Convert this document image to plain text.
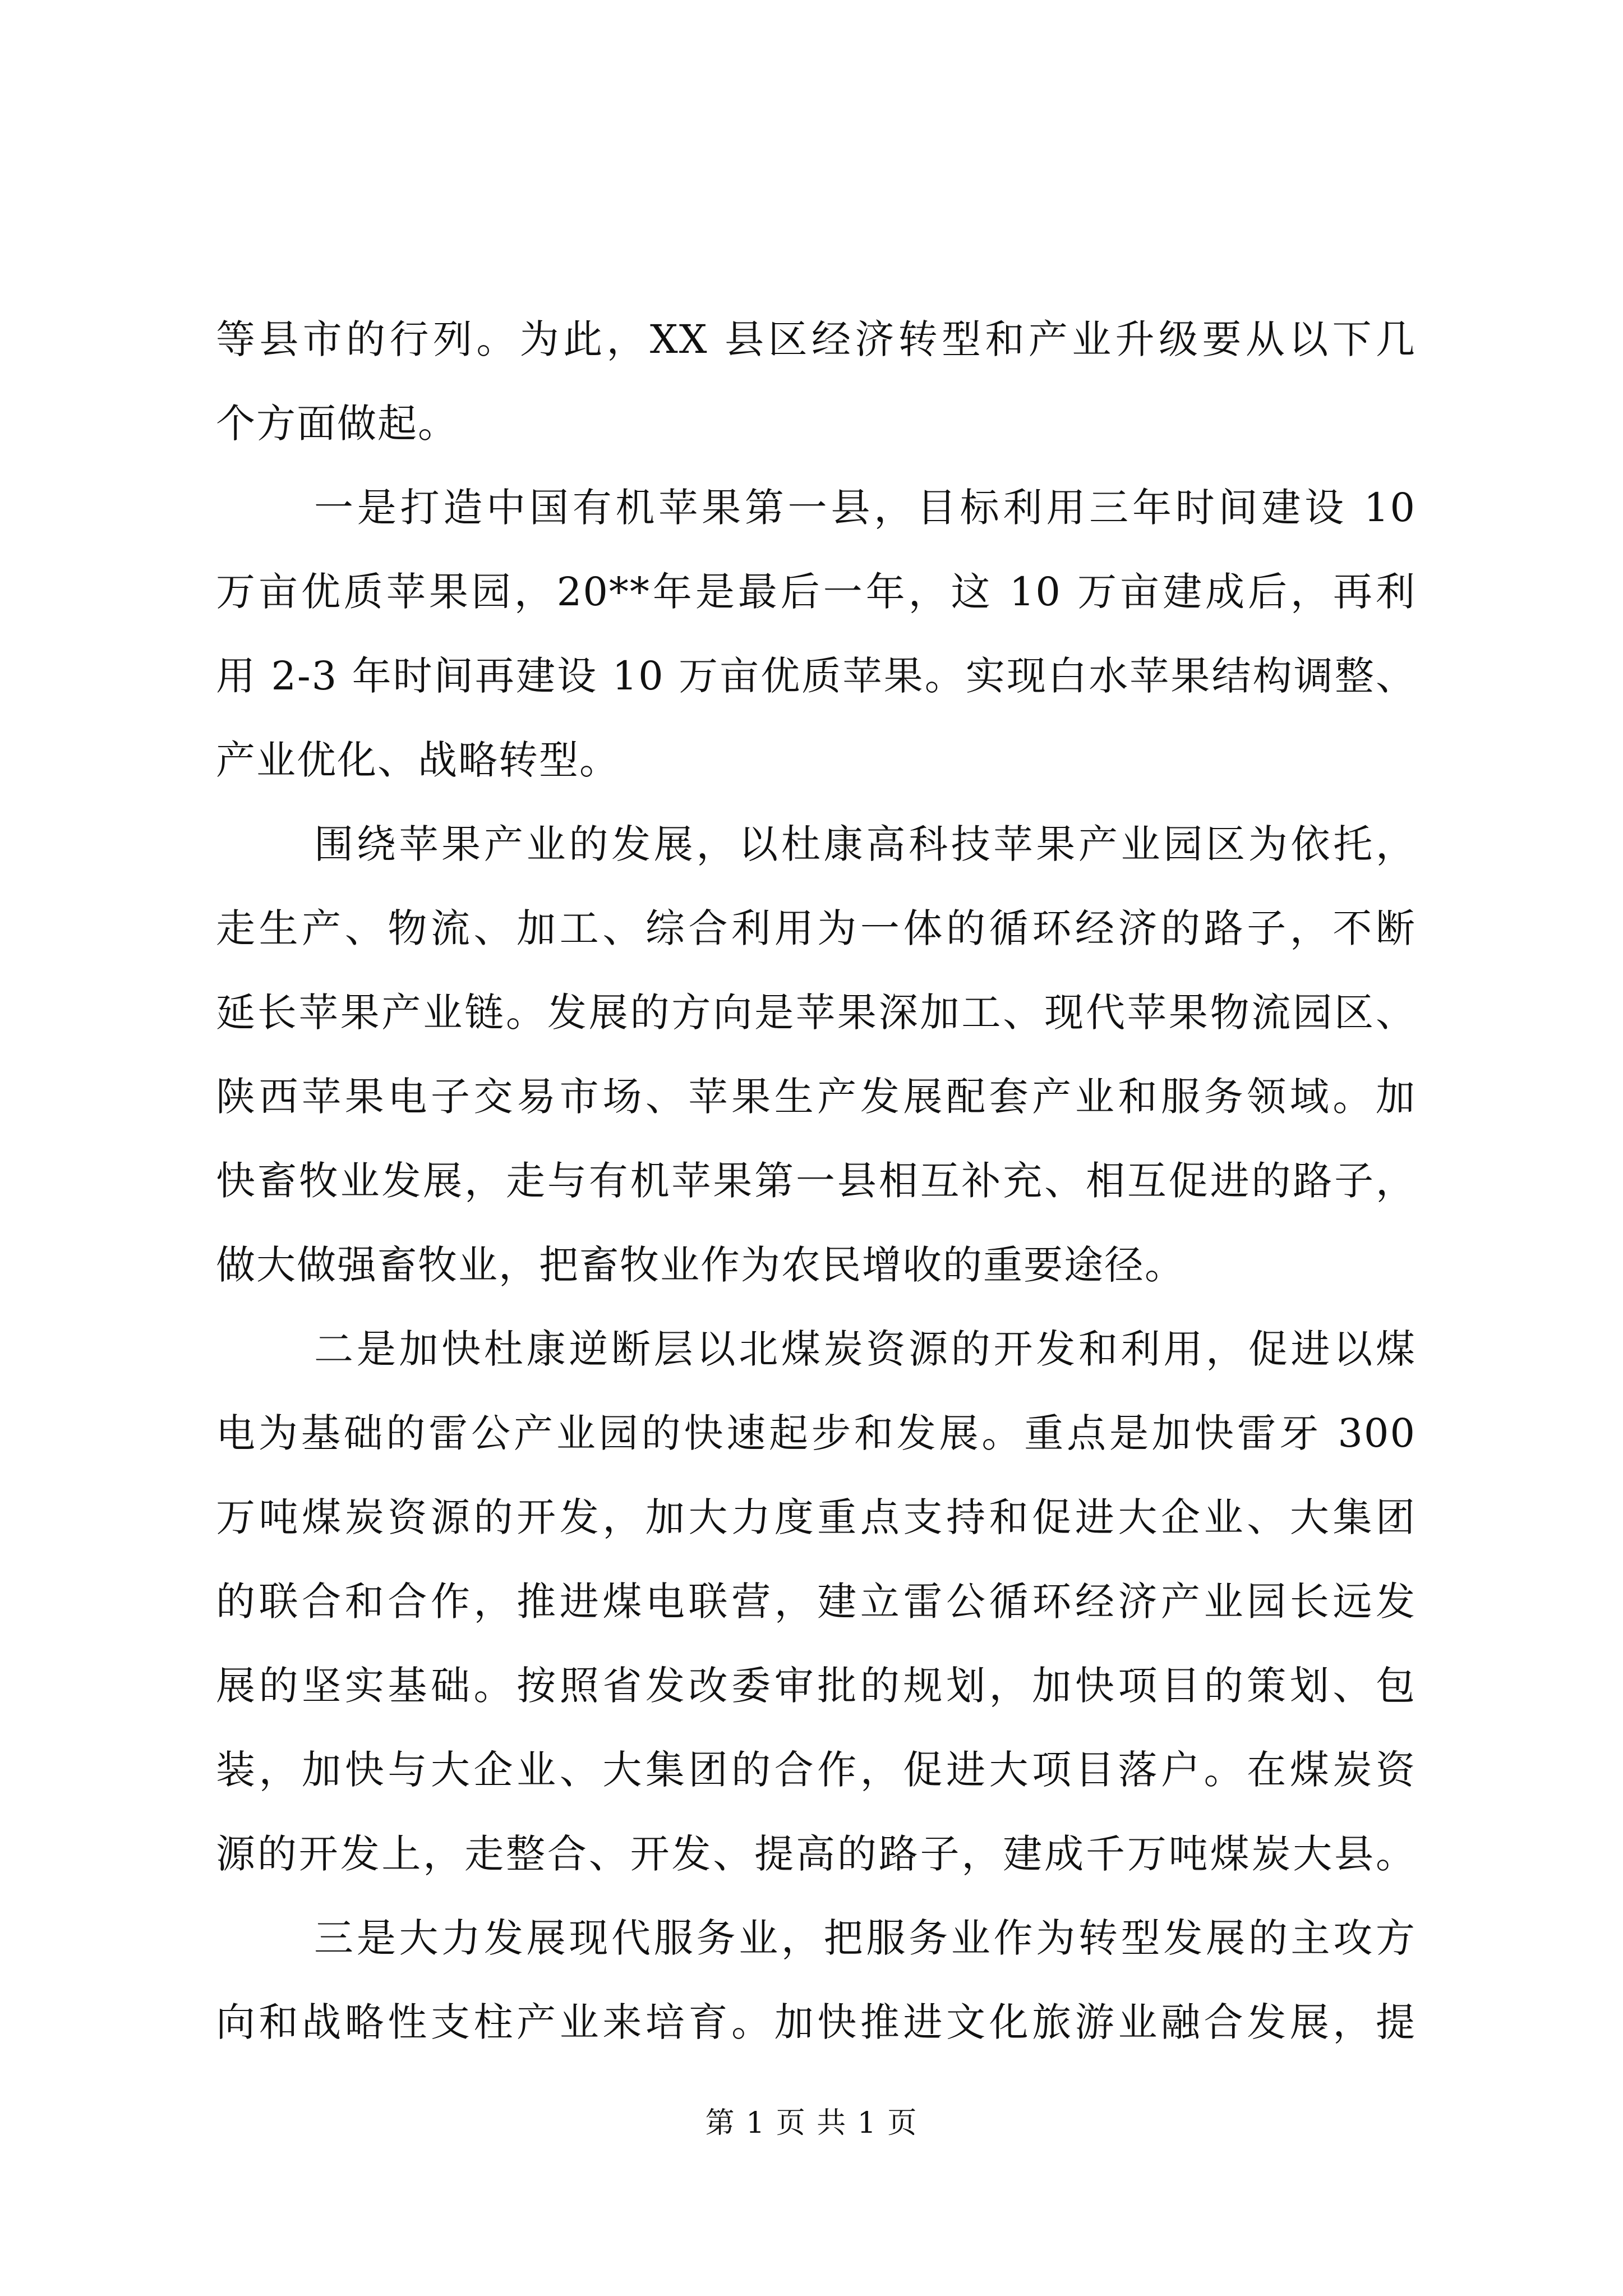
等县市的行列。为此，XX 县区经济转型和产业升级要从以下几
个方面做起。
一是打造中国有机苹果第一县，目标利用三年时间建设 10
万亩优质苹果园，20**年是最后一年，这 10 万亩建成后，再利
用 2-3 年时间再建设 10 万亩优质苹果。实现白水苹果结构调整、
产业优化、战略转型。
围绕苹果产业的发展，以杜康高科技苹果产业园区为依托，
走生产、物流、加工、综合利用为一体的循环经济的路子，不断
延长苹果产业链。发展的方向是苹果深加工、现代苹果物流园区、
陕西苹果电子交易市场、苹果生产发展配套产业和服务领域。加
快畜牧业发展，走与有机苹果第一县相互补充、相互促进的路子，
做大做强畜牧业，把畜牧业作为农民增收的重要途径。
二是加快杜康逆断层以北煤炭资源的开发和利用，促进以煤
电为基础的雷公产业园的快速起步和发展。重点是加快雷牙 300
万吨煤炭资源的开发，加大力度重点支持和促进大企业、大集团
的联合和合作，推进煤电联营，建立雷公循环经济产业园长远发
展的坚实基础。按照省发改委审批的规划，加快项目的策划、包
装，加快与大企业、大集团的合作，促进大项目落户。在煤炭资
源的开发上，走整合、开发、提高的路子，建成千万吨煤炭大县。
三是大力发展现代服务业，把服务业作为转型发展的主攻方
向和战略性支柱产业来培育。加快推进文化旅游业融合发展，提
第 1 页 共 1 页
